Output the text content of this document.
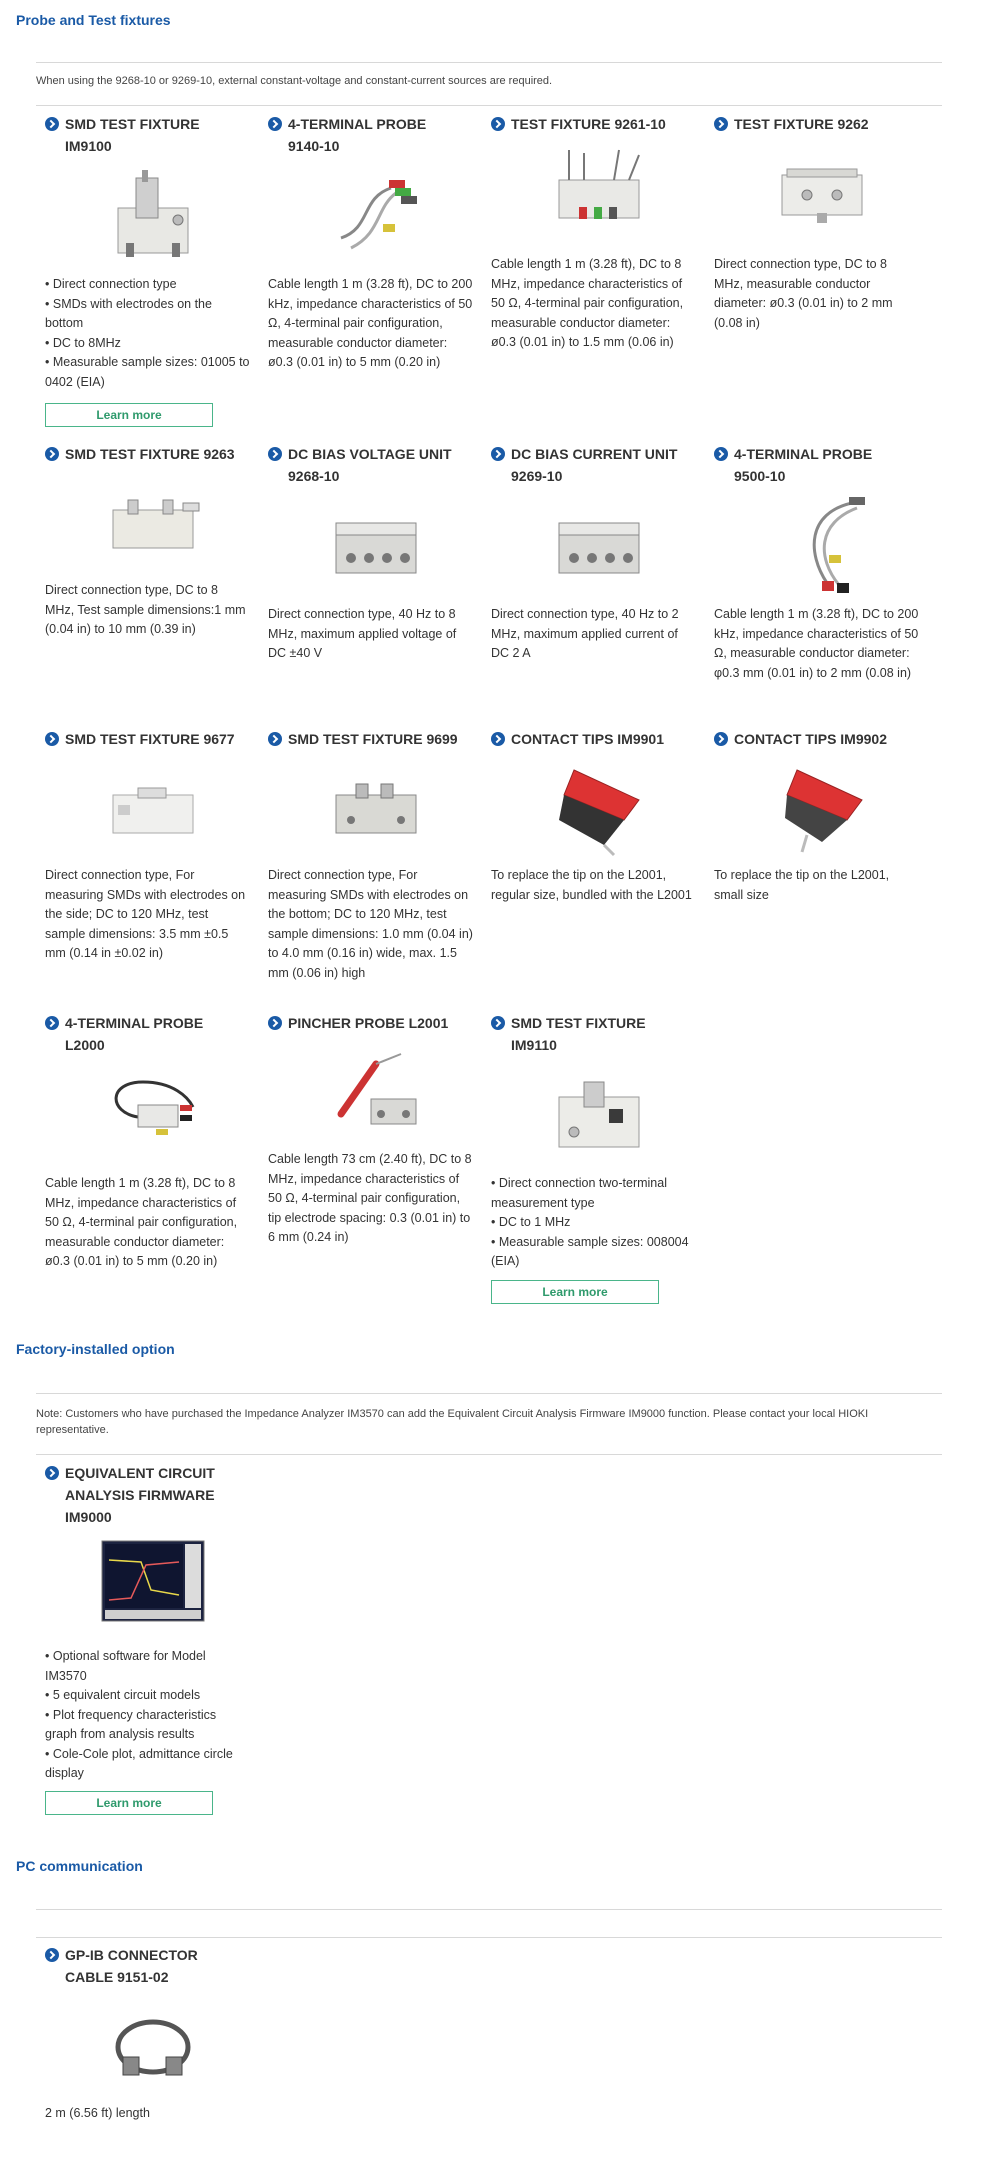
Probe and Test fixtures
When using the 9268-10 or 9269-10, external constant-voltage and constant-current sources are required.
SMD TEST FIXTURE
IM9100
• Direct connection type
• SMDs with electrodes on the bottom
• DC to 8MHz
• Measurable sample sizes: 01005 to 0402 (EIA)
Learn more
4-TERMINAL PROBE
9140-10
Cable length 1 m (3.28 ft), DC to 200 kHz, impedance characteristics of 50 Ω, 4-terminal pair configuration, measurable conductor diameter: ø0.3 (0.01 in) to 5 mm (0.20 in)
TEST FIXTURE 9261-10
Cable length 1 m (3.28 ft), DC to 8 MHz, impedance characteristics of 50 Ω, 4-terminal pair configuration, measurable conductor diameter: ø0.3 (0.01 in) to 1.5 mm (0.06 in)
TEST FIXTURE 9262
Direct connection type, DC to 8 MHz, measurable conductor diameter: ø0.3 (0.01 in) to 2 mm (0.08 in)
SMD TEST FIXTURE 9263
Direct connection type, DC to 8 MHz, Test sample dimensions:1 mm (0.04 in) to 10 mm (0.39 in)
DC BIAS VOLTAGE UNIT
9268-10
Direct connection type, 40 Hz to 8 MHz, maximum applied voltage of DC ±40 V
DC BIAS CURRENT UNIT
9269-10
Direct connection type, 40 Hz to 2 MHz, maximum applied current of DC 2 A
4-TERMINAL PROBE
9500-10
Cable length 1 m (3.28 ft), DC to 200 kHz, impedance characteristics of 50 Ω, measurable conductor diameter: φ0.3 mm (0.01 in) to 2 mm (0.08 in)
SMD TEST FIXTURE 9677
Direct connection type, For measuring SMDs with electrodes on the side; DC to 120 MHz, test sample dimensions: 3.5 mm ±0.5 mm (0.14 in ±0.02 in)
SMD TEST FIXTURE 9699
Direct connection type, For measuring SMDs with electrodes on the bottom; DC to 120 MHz, test sample dimensions: 1.0 mm (0.04 in) to 4.0 mm (0.16 in) wide, max. 1.5 mm (0.06 in) high
CONTACT TIPS IM9901
To replace the tip on the L2001, regular size, bundled with the L2001
CONTACT TIPS IM9902
To replace the tip on the L2001, small size
4-TERMINAL PROBE
L2000
Cable length 1 m (3.28 ft), DC to 8 MHz, impedance characteristics of 50 Ω, 4-terminal pair configuration, measurable conductor diameter: ø0.3 (0.01 in) to 5 mm (0.20 in)
PINCHER PROBE L2001
Cable length 73 cm (2.40 ft), DC to 8 MHz, impedance characteristics of 50 Ω, 4-terminal pair configuration, tip electrode spacing: 0.3 (0.01 in) to 6 mm (0.24 in)
SMD TEST FIXTURE
IM9110
• Direct connection two-terminal measurement type
• DC to 1 MHz
• Measurable sample sizes: 008004 (EIA)
Learn more
Factory-installed option
Note: Customers who have purchased the Impedance Analyzer IM3570 can add the Equivalent Circuit Analysis Firmware IM9000 function. Please contact your local HIOKI representative.
EQUIVALENT CIRCUIT
ANALYSIS FIRMWARE
IM9000
• Optional software for Model IM3570
• 5 equivalent circuit models
• Plot frequency characteristics graph from analysis results
• Cole-Cole plot, admittance circle display
Learn more
PC communication
GP-IB CONNECTOR
CABLE 9151-02
2 m (6.56 ft) length
